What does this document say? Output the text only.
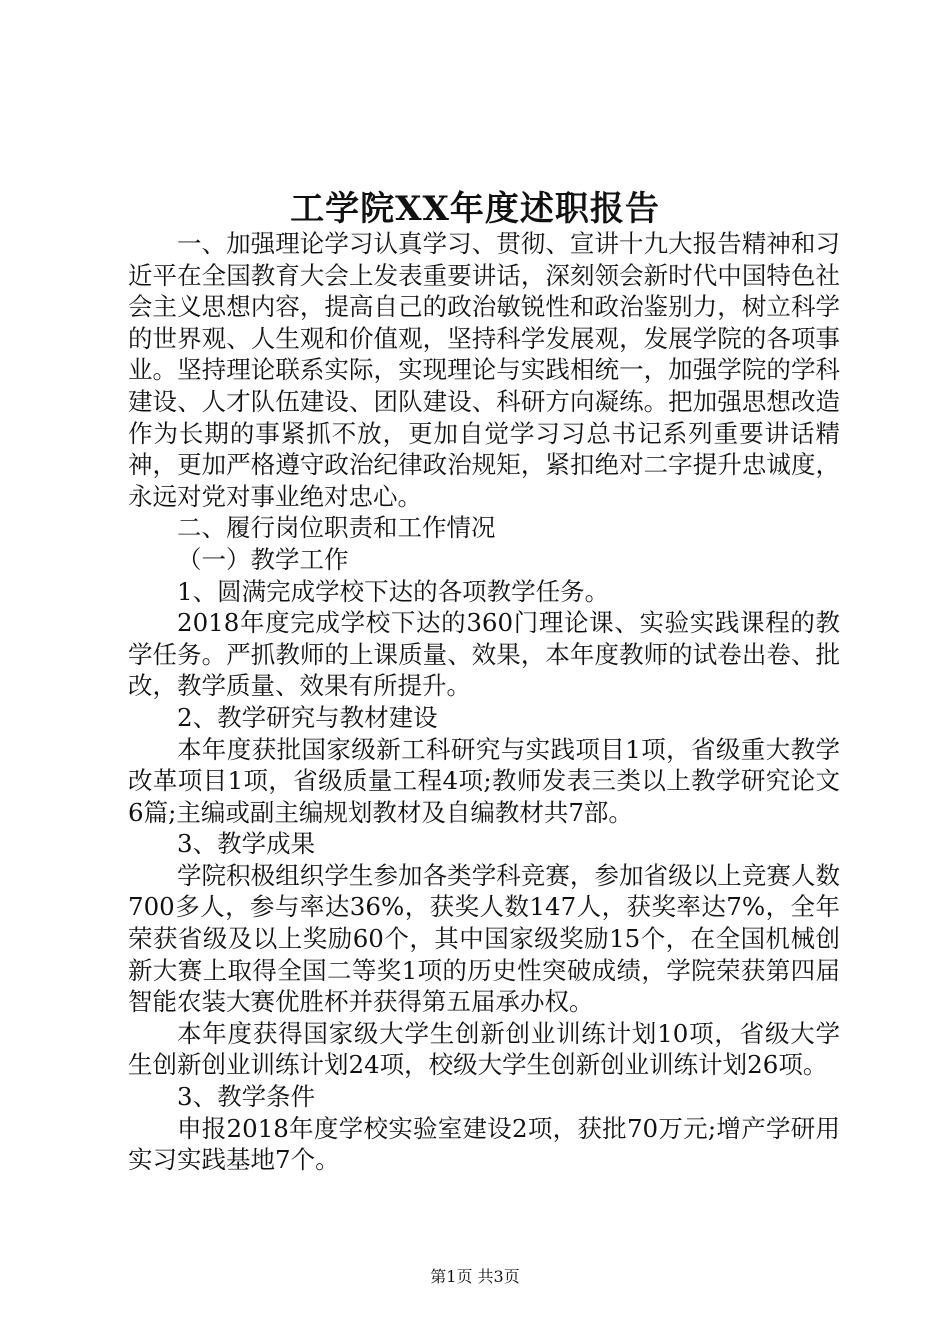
工学院XX年度述职报告

一、加强理论学习认真学习、贯彻、宣讲十九大报告精神和习近平在全国教育大会上发表重要讲话，深刻领会新时代中国特色社会主义思想内容，提高自己的政治敏锐性和政治鉴别力，树立科学的世界观、人生观和价值观，坚持科学发展观，发展学院的各项事业。坚持理论联系实际，实现理论与实践相统一，加强学院的学科建设、人才队伍建设、团队建设、科研方向凝练。把加强思想改造作为长期的事紧抓不放，更加自觉学习习总书记系列重要讲话精神，更加严格遵守政治纪律政治规矩，紧扣绝对二字提升忠诚度，永远对党对事业绝对忠心。

二、履行岗位职责和工作情况

（一）教学工作

1、圆满完成学校下达的各项教学任务。

2018年度完成学校下达的360门理论课、实验实践课程的教学任务。严抓教师的上课质量、效果，本年度教师的试卷出卷、批改，教学质量、效果有所提升。

2、教学研究与教材建设

本年度获批国家级新工科研究与实践项目1项，省级重大教学改革项目1项，省级质量工程4项;教师发表三类以上教学研究论文6篇;主编或副主编规划教材及自编教材共7部。

3、教学成果

学院积极组织学生参加各类学科竞赛，参加省级以上竞赛人数700多人，参与率达36%，获奖人数147人，获奖率达7%，全年荣获省级及以上奖励60个，其中国家级奖励15个，在全国机械创新大赛上取得全国二等奖1项的历史性突破成绩，学院荣获第四届智能农装大赛优胜杯并获得第五届承办权。

本年度获得国家级大学生创新创业训练计划10项，省级大学生创新创业训练计划24项，校级大学生创新创业训练计划26项。

3、教学条件

申报2018年度学校实验室建设2项，获批70万元;增产学研用实习实践基地7个。

第1页 共3页
